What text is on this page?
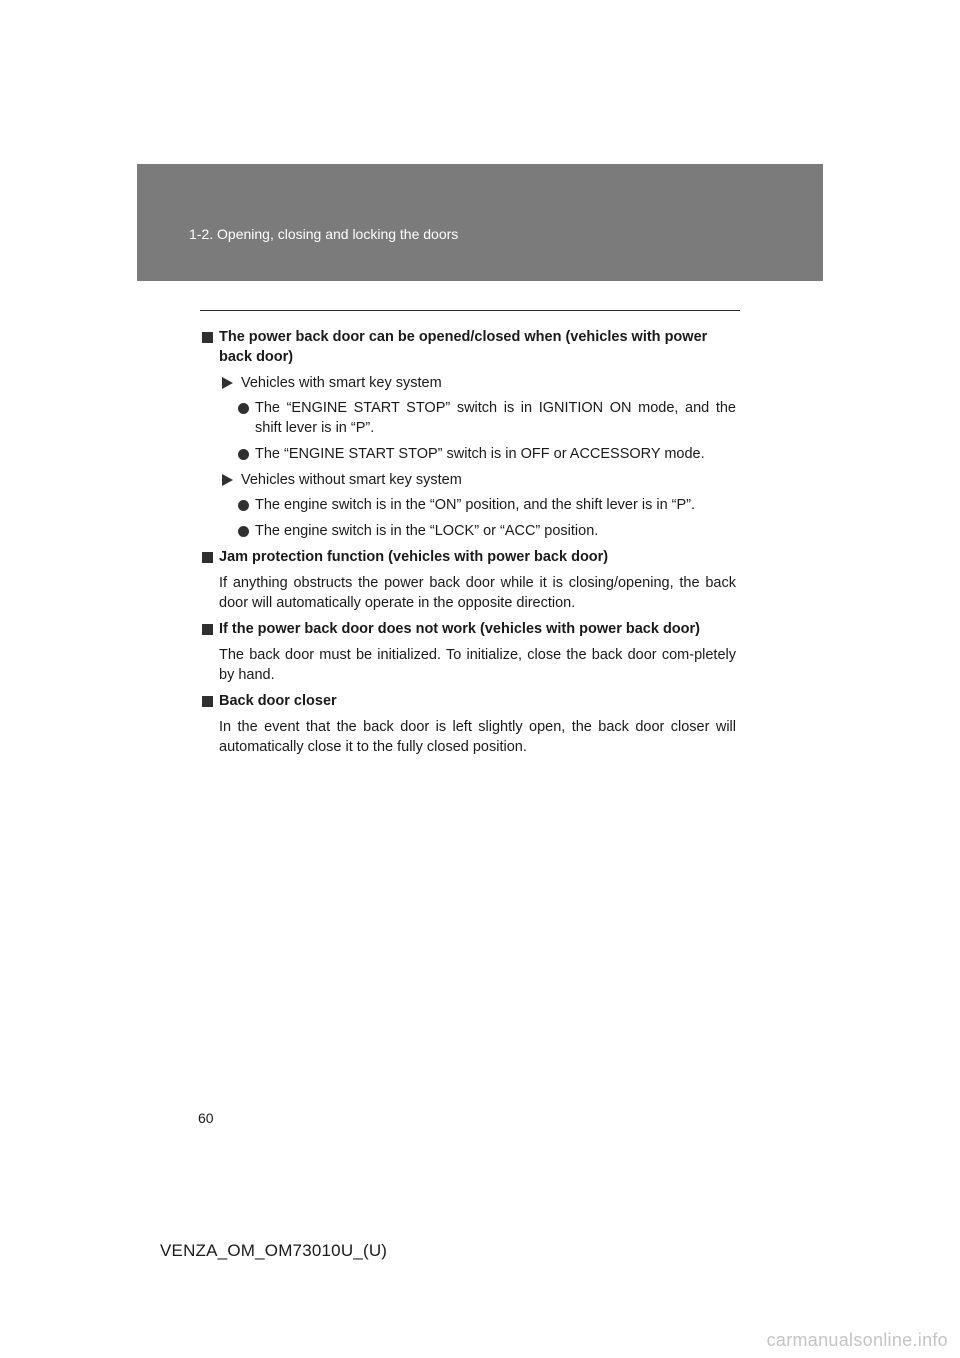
1-2. Opening, closing and locking the doors
The power back door can be opened/closed when (vehicles with power back door)
Vehicles with smart key system
The “ENGINE START STOP” switch is in IGNITION ON mode, and the shift lever is in “P”.
The “ENGINE START STOP” switch is in OFF or ACCESSORY mode.
Vehicles without smart key system
The engine switch is in the “ON” position, and the shift lever is in “P”.
The engine switch is in the “LOCK” or “ACC” position.
Jam protection function (vehicles with power back door)
If anything obstructs the power back door while it is closing/opening, the back door will automatically operate in the opposite direction.
If the power back door does not work (vehicles with power back door)
The back door must be initialized. To initialize, close the back door com-pletely by hand.
Back door closer
In the event that the back door is left slightly open, the back door closer will automatically close it to the fully closed position.
60
VENZA_OM_OM73010U_(U)
carmanualsonline.info
